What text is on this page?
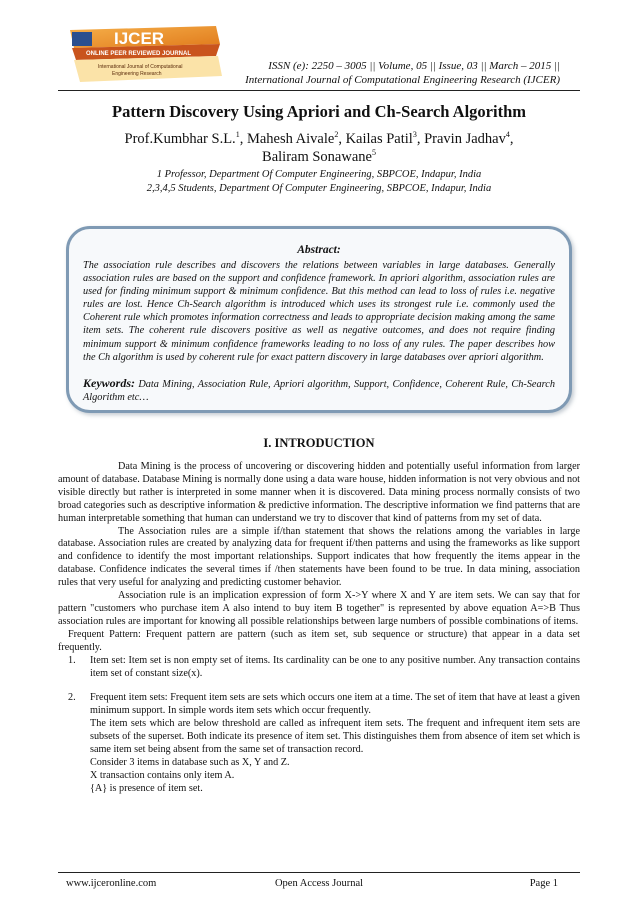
IJCER
ONLINE PEER REVIEWED JOURNAL
International Journal of Computational
Engineering Research
ISSN (e): 2250 – 3005 || Volume, 05 || Issue, 03 || March – 2015 ||
International Journal of Computational Engineering Research (IJCER)
Pattern Discovery Using Apriori and Ch-Search Algorithm
Prof.Kumbhar S.L.$^1$, Mahesh Aivale$^2$, Kailas Patil$^3$, Pravin Jadhav$^4$,
Baliram Sonawane$^5$
1 Professor, Department Of Computer Engineering, SBPCOE, Indapur, India
2,3,4,5 Students, Department Of Computer Engineering, SBPCOE, Indapur, India
Abstract:
The association rule describes and discovers the relations between variables in large databases. Generally association rules are based on the support and confidence framework. In apriori algorithm, association rules are used for finding minimum support & minimum confidence. But this method can lead to loss of rules i.e. negative rules are lost. Hence Ch-Search algorithm is introduced which uses its strongest rule i.e. commonly used the Coherent rule which promotes information correctness and leads to appropriate decision making among the same item sets. The coherent rule discovers positive as well as negative outcomes, and does not require finding minimum support & minimum confidence frameworks leading to no loss of any rules. The paper describes how the Ch algorithm is used by coherent rule for exact pattern discovery in large databases over apriori algorithm.
Keywords: Data Mining, Association Rule, Apriori algorithm, Support, Confidence, Coherent Rule, Ch-Search Algorithm etc…
I. INTRODUCTION

Data Mining is the process of uncovering or discovering hidden and potentially useful information from larger amount of database. Database Mining is normally done using a data ware house, hidden information is not very obvious and not visible directly but rather is interpreted in some manner when it is discovered. Data mining process normally consists of two broad categories such as descriptive information & predictive information. The descriptive information we find patterns that are human interpretable something that human can understand we try to discover that kind of patterns from my set of data.

The Association rules are a simple if/than statement that shows the relations among the variables in large database. Association rules are created by analyzing data for frequent if/then patterns and using the frameworks as like support and confidence to identify the most important relationships. Support indicates that how frequently the items appear in the database. Confidence indicates the several times if /then statements have been found to be true. In data mining, association rules that very useful for analyzing and predicting customer behavior.

Association rule is an implication expression of form X->Y where X and Y are item sets. We can say that for pattern "customers who purchase item A also intend to buy item B together" is represented by above equation A=>B Thus association rules are important for knowing all possible relationships between large numbers of possible combinations of items.

Frequent Pattern: Frequent pattern are pattern (such as item set, sub sequence or structure) that appear in a data set frequently.

1.	Item set: Item set is non empty set of items. Its cardinality can be one to any positive number. Any transaction contains item set of constant size(x).
2.	Frequent item sets: Frequent item sets are sets which occurs one item at a time. The set of item that have at least a given minimum support. In simple words item sets which occur frequently.
The item sets which are below threshold are called as infrequent item sets. The frequent and infrequent item sets are subsets of the superset. Both indicate its presence of item set. This distinguishes them from absence of item set which is same item set being absent from the same set of transaction record.
Consider 3 items in database such as X, Y and Z.
X transaction contains only item A.
{A} is presence of item set.
www.ijceronline.com	Open Access Journal	Page 1
